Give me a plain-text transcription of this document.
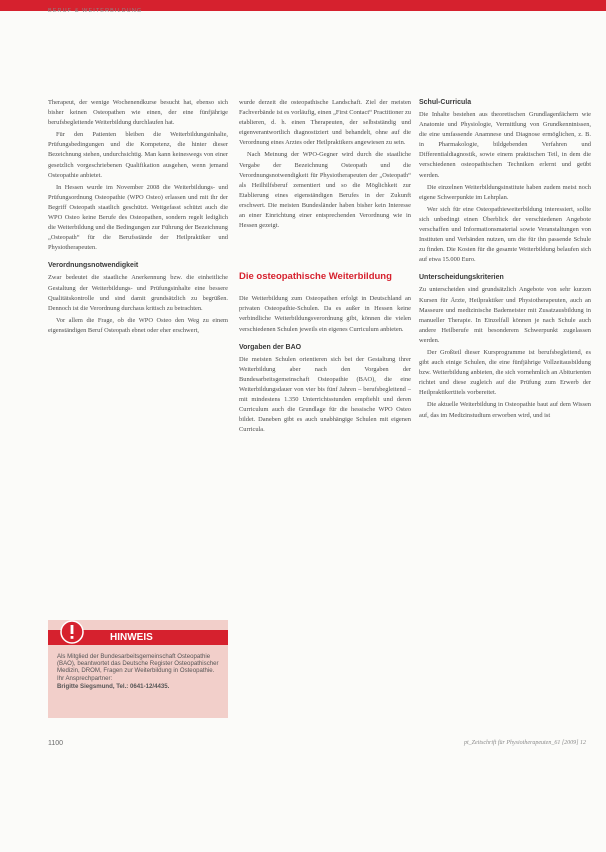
BERUF & WEITERBILDUNG

Therapeut, der wenige Wochenendkurse besucht hat, ebenso sich bisher keinen Osteopathen wie einen, der eine fünfjährige berufsbegleitende Weiterbildung durchlaufen hat.

Für den Patienten bleiben die Weiterbildungsinhalte, Prüfungsbedingungen und die Kompetenz, die hinter dieser Bezeichnung stehen, undurchsichtig. Man kann keineswegs von einer gesetzlich vorgeschriebenen Qualifikation ausgehen, wenn jemand Osteopathie anbietet.

In Hessen wurde im November 2008 die Weiterbildungs- und Prüfungsordnung Osteopathie (WPO Osteo) erlassen und mit ihr der Begriff Osteopath staatlich geschützt. Weitgefasst schützt auch die WPO Osteo keine Berufe des Osteopathen, sondern regelt lediglich die Weiterbildung und die Bedingungen zur Führung der Bezeichnung „Osteopath“ für die Berufsstände der Heilpraktiker und Physiotherapeuten.

Verordnungsnotwendigkeit

Zwar bedeutet die staatliche Anerkennung bzw. die einheitliche Gestaltung der Weiterbildungs- und Prüfungsinhalte eine bessere Qualitätskontrolle und sind damit grundsätzlich zu begrüßen. Dennoch ist die Verordnung durchaus kritisch zu betrachten.

Vor allem die Frage, ob die WPO Osteo den Weg zu einem eigenständigen Beruf Osteopath ebnet oder eher erschwert,

HINWEIS
Als Mitglied der Bundesarbeitsgemeinschaft Osteopathie (BAO), beantwortet das Deutsche Register Osteopathischer Medizin, DROM, Fragen zur Weiterbildung in Osteopathie. Ihr Ansprechpartner:
Brigitte Siegsmund, Tel.: 0641-12/4435.

wurde derzeit die osteopathische Landschaft. Ziel der meisten Fachverbände ist es vorläufig, einen „First Contact“ Practitioner zu etablieren, d. h. einen Therapeuten, der selbstständig und eigenverantwortlich diagnostiziert und behandelt, ohne auf die Verordnung eines Arztes oder Heilpraktikers angewiesen zu sein.

Nach Meinung der WPO-Gegner wird durch die staatliche Vergabe der Bezeichnung Osteopath und die Verordnungsnotwendigkeit für Physiotherapeuten der „Osteopath“ als Heilhilfsberuf zementiert und so die Möglichkeit zur Etablierung eines eigenständigen Berufes in der Zukunft erschwert. Die meisten Bundesländer haben bisher kein Interesse an einer Einrichtung einer entsprechenden Verordnung wie in Hessen gezeigt.

Die osteopathische Weiterbildung

Die Weiterbildung zum Osteopathen erfolgt in Deutschland an privaten Osteopathie-Schulen. Da es außer in Hessen keine verbindliche Weiterbildungsverordnung gibt, können die vielen verschiedenen Schulen jeweils ein eigenes Curriculum anbieten.

Vorgaben der BAO

Die meisten Schulen orientieren sich bei der Gestaltung ihrer Weiterbildung aber nach den Vorgaben der Bundesarbeitsgemeinschaft Osteopathie (BAO), die eine Weiterbildungsdauer von vier bis fünf Jahren – berufsbegleitend – mit mindestens 1.350 Unterrichtsstunden empfiehlt und deren Curriculum auch die Grundlage für die hessische WPO Osteo bildet. Daneben gibt es auch unabhängige Schulen mit eigenen Curricula.

Schul-Curricula

Die Inhalte bestehen aus theoretischen Grundlagenfächern wie Anatomie und Physiologie, Vermittlung von Grundkenntnissen, die eine umfassende Anamnese und Diagnose ermöglichen, z. B. in Pharmakologie, bildgebenden Verfahren und Differentialdiagnostik, sowie einem praktischen Teil, in dem die verschiedenen osteopathischen Techniken erlernt und geübt werden.

Die einzelnen Weiterbildungsinstitute haben zudem meist noch eigene Schwerpunkte im Lehrplan.

Wer sich für eine Osteopathieweiterbildung interessiert, sollte sich unbedingt einen Überblick der verschiedenen Angebote verschaffen und Informationsmaterial sowie Veranstaltungen von Instituten und Verbänden nutzen, um die für ihn passende Schule zu finden. Die Kosten für die gesamte Weiterbildung belaufen sich auf etwa 15.000 Euro.

Unterscheidungskriterien

Zu unterscheiden sind grundsätzlich Angebote von sehr kurzen Kursen für Ärzte, Heilpraktiker und Physiotherapeuten, auch an Masseure und medizinische Bademeister mit Zusatzausbildung in manueller Therapie. In Einzelfall können je nach Schule auch andere Heilberufe mit besonderem Schwerpunkt zugelassen werden.

Der Großteil dieser Kursprogramme ist berufsbegleitend, es gibt auch einige Schulen, die eine fünfjährige Vollzeitausbildung bzw. Weiterbildung anbieten, die sich vornehmlich an Abiturienten richtet und diese zugleich auf die Prüfung zum Erwerb der Heilpraktikertitels vorbereitet.

Die aktuelle Weiterbildung in Osteopathie baut auf dem Wissen auf, das im Medizinstudium erworben wird, und ist

1100	pt_Zeitschrift für Physiotherapeuten_61 [2009] 12
